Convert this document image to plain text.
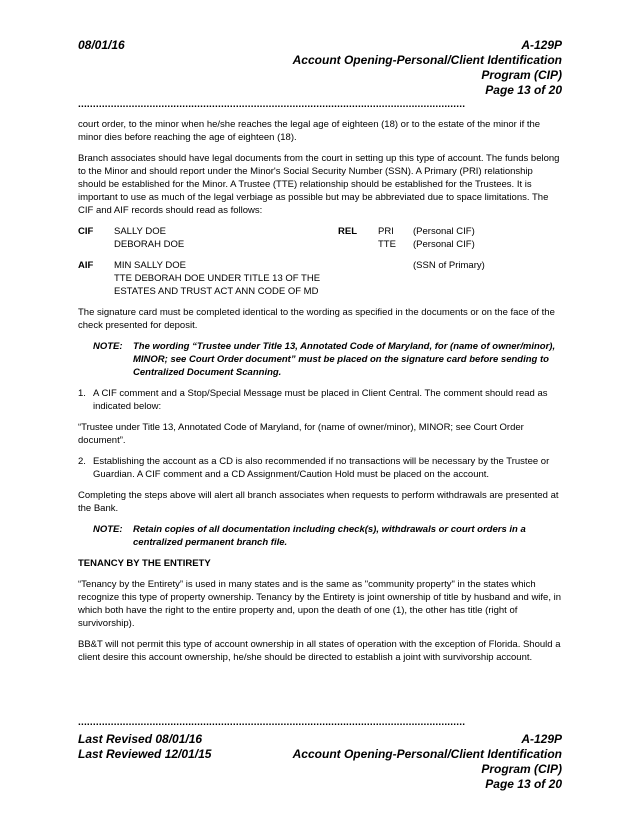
08/01/16	A-129P
Account Opening-Personal/Client Identification
Program (CIP)
Page 13 of 20
..................................................................................................................................

court order, to the minor when he/she reaches the legal age of eighteen (18) or to the estate of the minor if the minor dies before reaching the age of eighteen (18).

Branch associates should have legal documents from the court in setting up this type of account. The funds belong to the Minor and should report under the Minor's Social Security Number (SSN). A Primary (PRI) relationship should be established for the Minor. A Trustee (TTE) relationship should be established for the Trustees. It is important to use as much of the legal verbiage as possible but may be abbreviated due to space limitations. The CIF and AIF records should read as follows:

CIF SALLY DOE
DEBORAH DOE
REL PRI
TTE
(Personal CIF)
(Personal CIF)
AIF MIN SALLY DOE
TTE DEBORAH DOE UNDER TITLE 13 OF THE
ESTATES AND TRUST ACT ANN CODE OF MD
(SSN of Primary)

The signature card must be completed identical to the wording as specified in the documents or on the face of the check presented for deposit.

NOTE: The wording “Trustee under Title 13, Annotated Code of Maryland, for (name of owner/minor), MINOR; see Court Order document” must be placed on the signature card before sending to Centralized Document Scanning.
1. A CIF comment and a Stop/Special Message must be placed in Client Central. The comment should read as indicated below:

“Trustee under Title 13, Annotated Code of Maryland, for (name of owner/minor), MINOR; see Court Order document”.

2. Establishing the account as a CD is also recommended if no transactions will be necessary by the Trustee or Guardian. A CIF comment and a CD Assignment/Caution Hold must be placed on the account.

Completing the steps above will alert all branch associates when requests to perform withdrawals are presented at the Bank.

NOTE: Retain copies of all documentation including check(s), withdrawals or court orders in a centralized permanent branch file.

TENANCY BY THE ENTIRETY

“Tenancy by the Entirety” is used in many states and is the same as "community property" in the states which recognize this type of property ownership. Tenancy by the Entirety is joint ownership of title by husband and wife, in which both have the right to the entire property and, upon the death of one (1), the other has title (right of survivorship).

BB&T will not permit this type of account ownership in all states of operation with the exception of Florida. Should a client desire this account ownership, he/she should be directed to establish a joint with survivorship account.

..................................................................................................................................
Last Revised 08/01/16
Last Reviewed 12/01/15
A-129P
Account Opening-Personal/Client Identification
Program (CIP)
Page 13 of 20
